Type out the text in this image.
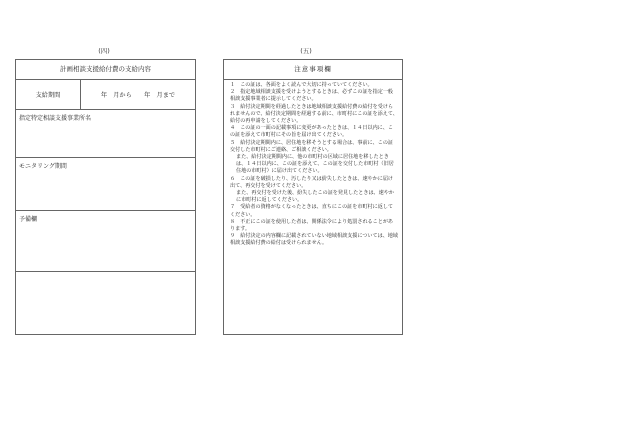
(四)	(五)
計画相談支援給付費の支給内容
支給期間	年　月から　　年　月まで
指定特定相談支援事業所名
モニタリング期間
予備欄
注意事項欄

１　この証は、各面をよく読んで大切に持っていてください。

２　指定地域相談支援を受けようとするときは、必ずこの証を指定一般相談支援事業者に提示してください。

３　給付決定期間を経過したときは地域相談支援給付費の給付を受けられませんので、給付決定期間を経過する前に、市町村にこの証を添えて、給付の再申請をしてください。

４　この証の一面の記載事項に変更があったときは、１４日以内に、この証を添えて市町村にその旨を届け出てください。

５　給付決定期間内に、居住地を移そうとする場合は、事前に、この証交付した市町村にご連絡、ご相談ください。

また、給付決定期間内に、他の市町村の区域に居住地を移したときは、１４日以内に、この証を添えて、この証を交付した市町村（旧居住地の市町村）に届け出てください。

６　この証を破損したり、汚したり又は紛失したときは、速やかに届け出て、再交付を受けてください。

また、再交付を受けた後、紛失したこの証を発見したときは、速やかに市町村に返してください。

７　受給者の資格がなくなったときは、直ちにこの証を市町村に返してください。

８　不正にこの証を使用した者は、関係法令により処罰されることがあります。

９　給付決定の内容欄に記載されていない地域相談支援については、地域相談支援給付費の給付は受けられません。
